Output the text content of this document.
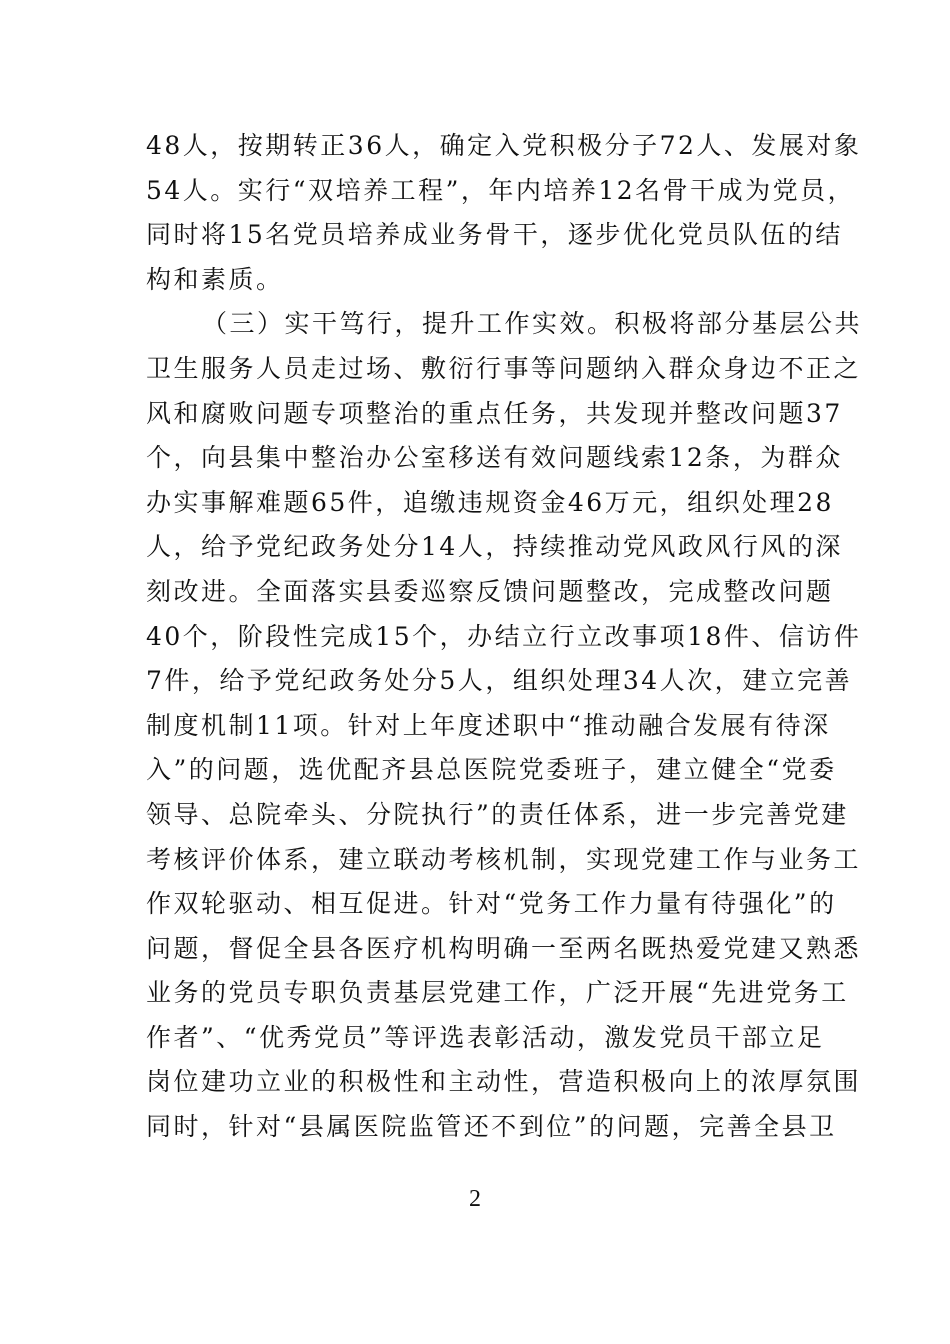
48人，按期转正36人，确定入党积极分子72人、发展对象
54人。实行“双培养工程”，年内培养12名骨干成为党员，
同时将15名党员培养成业务骨干，逐步优化党员队伍的结
构和素质。
（三）实干笃行，提升工作实效。积极将部分基层公共
卫生服务人员走过场、敷衍行事等问题纳入群众身边不正之
风和腐败问题专项整治的重点任务，共发现并整改问题37
个，向县集中整治办公室移送有效问题线索12条，为群众
办实事解难题65件，追缴违规资金46万元，组织处理28
人，给予党纪政务处分14人，持续推动党风政风行风的深
刻改进。全面落实县委巡察反馈问题整改，完成整改问题
40个，阶段性完成15个，办结立行立改事项18件、信访件
7件，给予党纪政务处分5人，组织处理34人次，建立完善
制度机制11项。针对上年度述职中“推动融合发展有待深
入”的问题，选优配齐县总医院党委班子，建立健全“党委
领导、总院牵头、分院执行”的责任体系，进一步完善党建
考核评价体系，建立联动考核机制，实现党建工作与业务工
作双轮驱动、相互促进。针对“党务工作力量有待强化”的
问题，督促全县各医疗机构明确一至两名既热爱党建又熟悉
业务的党员专职负责基层党建工作，广泛开展“先进党务工
作者”、“优秀党员”等评选表彰活动，激发党员干部立足
岗位建功立业的积极性和主动性，营造积极向上的浓厚氛围
同时，针对“县属医院监管还不到位”的问题，完善全县卫
2
